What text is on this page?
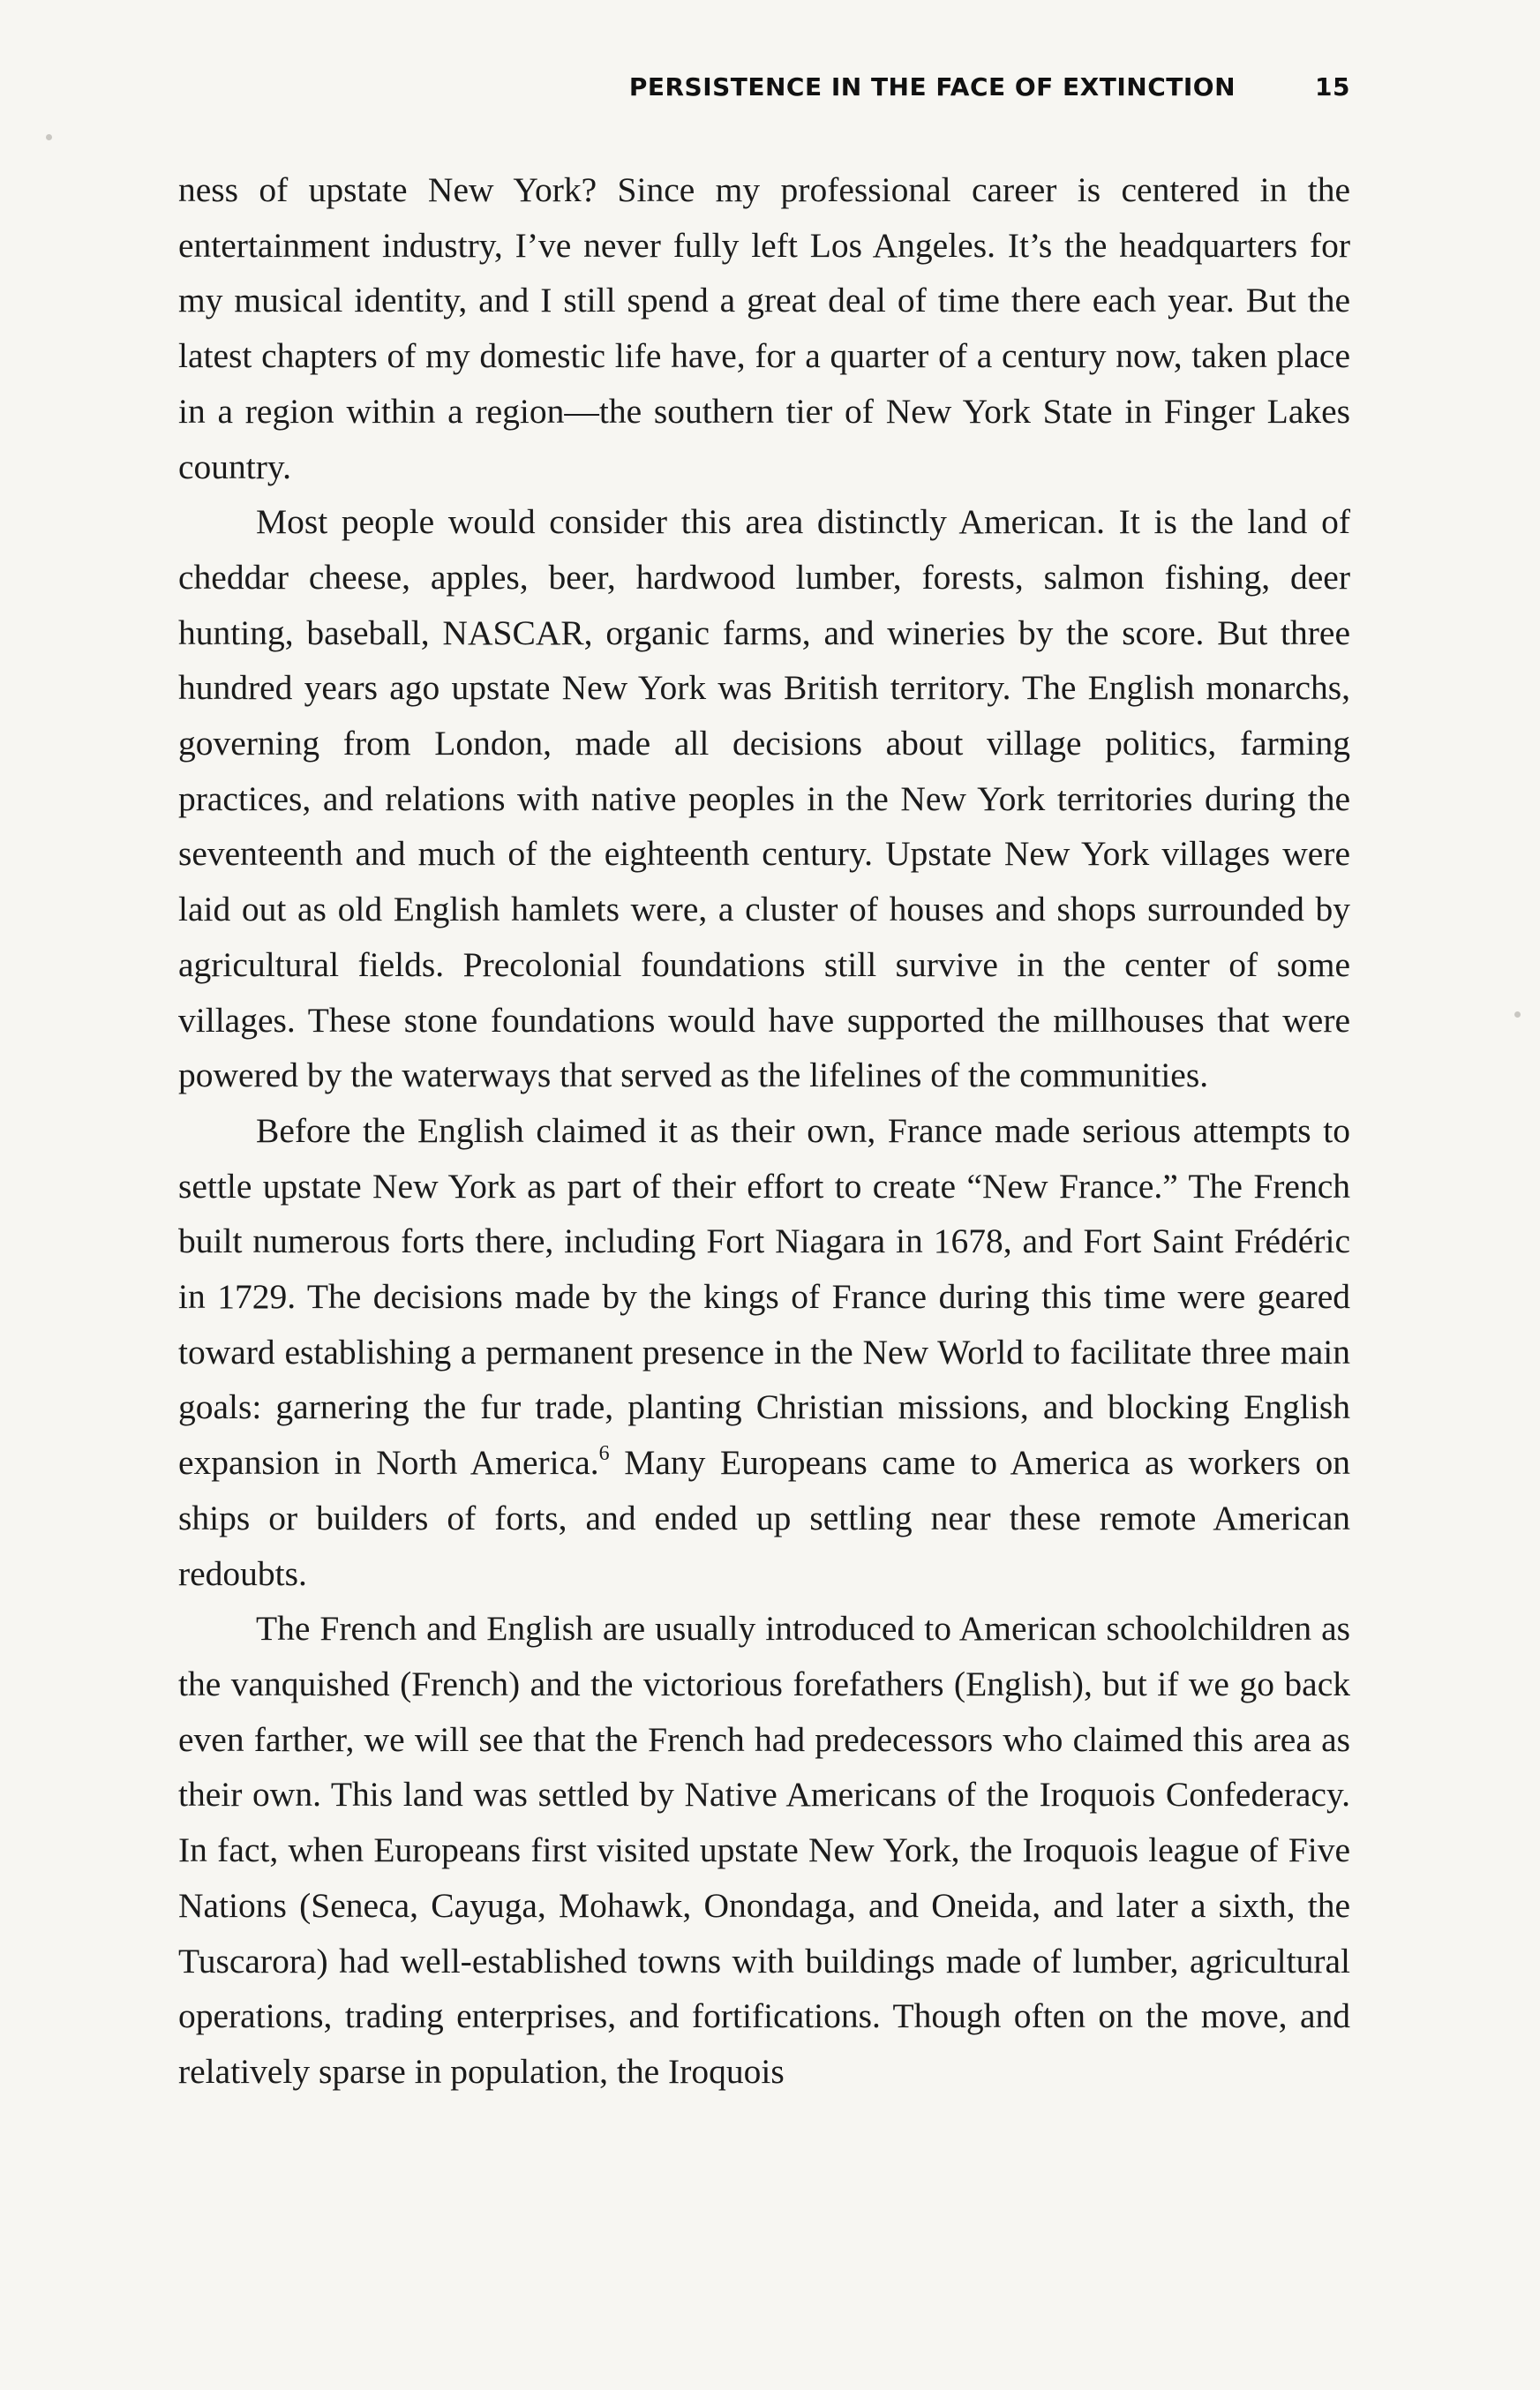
PERSISTENCE IN THE FACE OF EXTINCTION	15

ness of upstate New York? Since my professional career is centered in the entertainment industry, I’ve never fully left Los Angeles. It’s the headquarters for my musical identity, and I still spend a great deal of time there each year. But the latest chapters of my domestic life have, for a quarter of a century now, taken place in a region within a region—the southern tier of New York State in Finger Lakes country.

Most people would consider this area distinctly American. It is the land of cheddar cheese, apples, beer, hardwood lumber, forests, salmon fishing, deer hunting, baseball, NASCAR, organic farms, and wineries by the score. But three hundred years ago upstate New York was British territory. The English monarchs, governing from London, made all decisions about village politics, farming practices, and relations with native peoples in the New York territories during the seventeenth and much of the eighteenth century. Upstate New York villages were laid out as old English hamlets were, a cluster of houses and shops surrounded by agricultural fields. Precolonial foundations still survive in the center of some villages. These stone foundations would have supported the millhouses that were powered by the waterways that served as the lifelines of the communities.

Before the English claimed it as their own, France made serious attempts to settle upstate New York as part of their effort to create “New France.” The French built numerous forts there, including Fort Niagara in 1678, and Fort Saint Frédéric in 1729. The decisions made by the kings of France during this time were geared toward establishing a permanent presence in the New World to facilitate three main goals: garnering the fur trade, planting Christian missions, and blocking English expansion in North America.$^6$ Many Europeans came to America as workers on ships or builders of forts, and ended up settling near these remote American redoubts.

The French and English are usually introduced to American schoolchildren as the vanquished (French) and the victorious forefathers (English), but if we go back even farther, we will see that the French had predecessors who claimed this area as their own. This land was settled by Native Americans of the Iroquois Confederacy. In fact, when Europeans first visited upstate New York, the Iroquois league of Five Nations (Seneca, Cayuga, Mohawk, Onondaga, and Oneida, and later a sixth, the Tuscarora) had well-established towns with buildings made of lumber, agricultural operations, trading enterprises, and fortifications. Though often on the move, and relatively sparse in population, the Iroquois
